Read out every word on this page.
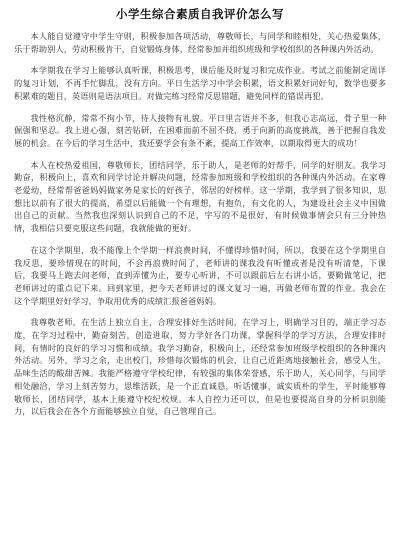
小学生综合素质自我评价怎么写

本人能自觉遵守中学生守则，积极参加各项活动，尊敬师长，与同学和睦相处，关心热爱集体，乐于帮助别人，劳动积极肯干，自觉锻炼身体，经常参加并组织班级和学校组织的各种课内外活动。

本学期我在学习上能够认真听课，积极思考，课后能及时复习和完成作业。考试之前能制定周详的复习计划，不再手忙脚乱，没有方向。平日生活学习中学会积累，语文积累好词好句，数学也要多积累难的题目，英语则是语法项目。对做完练习经常反思错题，避免同样的错误再犯。

我性格沉静，常常不拘小节，待人接物有礼貌。平日里言语并不多，但我心志高远，骨子里一种倔强和坚忍。我上进心强，刻苦钻研，在困难面前不屈不挠，勇于向新的高度挑战，善于把握自我发展的机会。在今后的学习生活中，我还要学会有条不紊，提高工作效率，以期取得更大的成功！

本人在校热爱祖国，尊敬师长，团结同学，乐于助人，是老师的好帮手，同学的好朋友。我学习勤奋，积极向上，喜欢和同学讨论并解决问题，经常参加班级和学校组织的各种课内外活动。在家尊老爱幼，经常帮爸爸妈妈做家务是家长的好孩子，邻居的好榜样。这一学期，我学到了很多知识，思想比以前有了很大的提高，希望以后能做一个有理想，有抱负，有文化的人，为建设社会主义中国做出自己的贡献。当然我也深刻认识到自己的不足，字写的不是很好，有时候做事情会只有三分钟热情，我相信只要克服这些问题，我就能做的更好。

在这个学期里，我不能像上个学期一样浪费时间，不懂得珍惜时间，所以，我要在这个学期里自我反思，要珍惜现在的时间，不会再浪费时间了，老师讲的课我没有听懂或者是没有听清楚，下课后，我要马上跑去问老师，直到弄懂为止，要专心听讲，不可以跟前后左右讲小话，要勤做笔记，把老师讲过的重点记下来。回到家里，把今天老师讲过的课文复习一遍，再做老师布置的作业。我会在这个学期里好好学习，争取用优秀的成绩汇报爸爸妈妈。

我尊敬老师，在生活上独立自主，合理安排好生活时间，在学习上，明确学习目的，端正学习态度，在学习过程中，勤奋刻苦，创造进取，努力学好各门功课，掌握科学的学习方法，合理安排时间，有情时的良好的学习习惯和成绩。我学习勤奋，积极向上，还经常参加班级学校组织的各种课内外活动。另外，学习之余，走出校门，珍惜每次锻炼的机会，让自己近距离地接触社会，感受人生，品味生活的酸甜苦辣。我能严格遵守学校纪律，有较强的集体荣誉感，乐于助人，关心同学，与同学相处融洽，学习上刻苦努力，思维活跃，是一个正直诚恳，听话懂事，诚实质朴的学生，平时能够尊敬师长，团结同学，基本上能遵守校纪校规。本人自控力还可以，但是也要提高自身的分析识别能力，以后我会在各个方面能够独立自觉，自己管理自己。
